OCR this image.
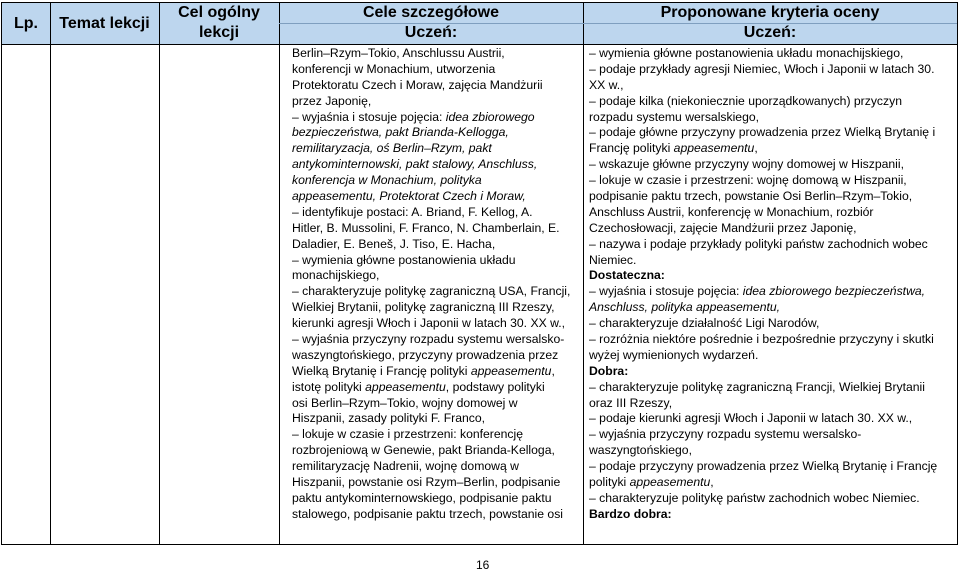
Lp.	Temat lekcji
Cel ogólny
lekcji
Cele szczegółowe
Uczeń:
Proponowane kryteria oceny
Uczeń:
Berlin–Rzym–Tokio, Anschlussu Austrii,
konferencji w Monachium, utworzenia
Protektoratu Czech i Moraw, zajęcia Mandżurii
przez Japonię,
– wyjaśnia i stosuje pojęcia: idea zbiorowego
bezpieczeństwa, pakt Brianda-Kellogga,
remilitaryzacja, oś Berlin–Rzym, pakt
antykominternowski, pakt stalowy, Anschluss,
konferencja w Monachium, polityka
appeasementu, Protektorat Czech i Moraw,
– identyfikuje postaci: A. Briand, F. Kellog, A.
Hitler, B. Mussolini, F. Franco, N. Chamberlain, E.
Daladier, E. Beneš, J. Tiso, E. Hacha,
– wymienia główne postanowienia układu
monachijskiego,
– charakteryzuje politykę zagraniczną USA, Francji,
Wielkiej Brytanii, politykę zagraniczną III Rzeszy,
kierunki agresji Włoch i Japonii w latach 30. XX w.,
– wyjaśnia przyczyny rozpadu systemu wersalsko-
waszyngtońskiego, przyczyny prowadzenia przez
Wielką Brytanię i Francję polityki appeasementu,
istotę polityki appeasementu, podstawy polityki
osi Berlin–Rzym–Tokio, wojny domowej w
Hiszpanii, zasady polityki F. Franco,
– lokuje w czasie i przestrzeni: konferencję
rozbrojeniową w Genewie, pakt Brianda-Kelloga,
remilitaryzację Nadrenii, wojnę domową w
Hiszpanii, powstanie osi Rzym–Berlin, podpisanie
paktu antykominternowskiego, podpisanie paktu
stalowego, podpisanie paktu trzech, powstanie osi
– wymienia główne postanowienia układu monachijskiego,
– podaje przykłady agresji Niemiec, Włoch i Japonii w latach 30.
XX w.,
– podaje kilka (niekoniecznie uporządkowanych) przyczyn
rozpadu systemu wersalskiego,
– podaje główne przyczyny prowadzenia przez Wielką Brytanię i
Francję polityki appeasementu,
– wskazuje główne przyczyny wojny domowej w Hiszpanii,
– lokuje w czasie i przestrzeni: wojnę domową w Hiszpanii,
podpisanie paktu trzech, powstanie Osi Berlin–Rzym–Tokio,
Anschluss Austrii, konferencję w Monachium, rozbiór
Czechosłowacji, zajęcie Mandżurii przez Japonię,
– nazywa i podaje przykłady polityki państw zachodnich wobec
Niemiec.
Dostateczna:
– wyjaśnia i stosuje pojęcia: idea zbiorowego bezpieczeństwa,
Anschluss, polityka appeasementu,
– charakteryzuje działalność Ligi Narodów,
– rozróżnia niektóre pośrednie i bezpośrednie przyczyny i skutki
wyżej wymienionych wydarzeń.
Dobra:
– charakteryzuje politykę zagraniczną Francji, Wielkiej Brytanii
oraz III Rzeszy,
– podaje kierunki agresji Włoch i Japonii w latach 30. XX w.,
– wyjaśnia przyczyny rozpadu systemu wersalsko-
waszyngtońskiego,
– podaje przyczyny prowadzenia przez Wielką Brytanię i Francję
polityki appeasementu,
– charakteryzuje politykę państw zachodnich wobec Niemiec.
Bardzo dobra:
16
